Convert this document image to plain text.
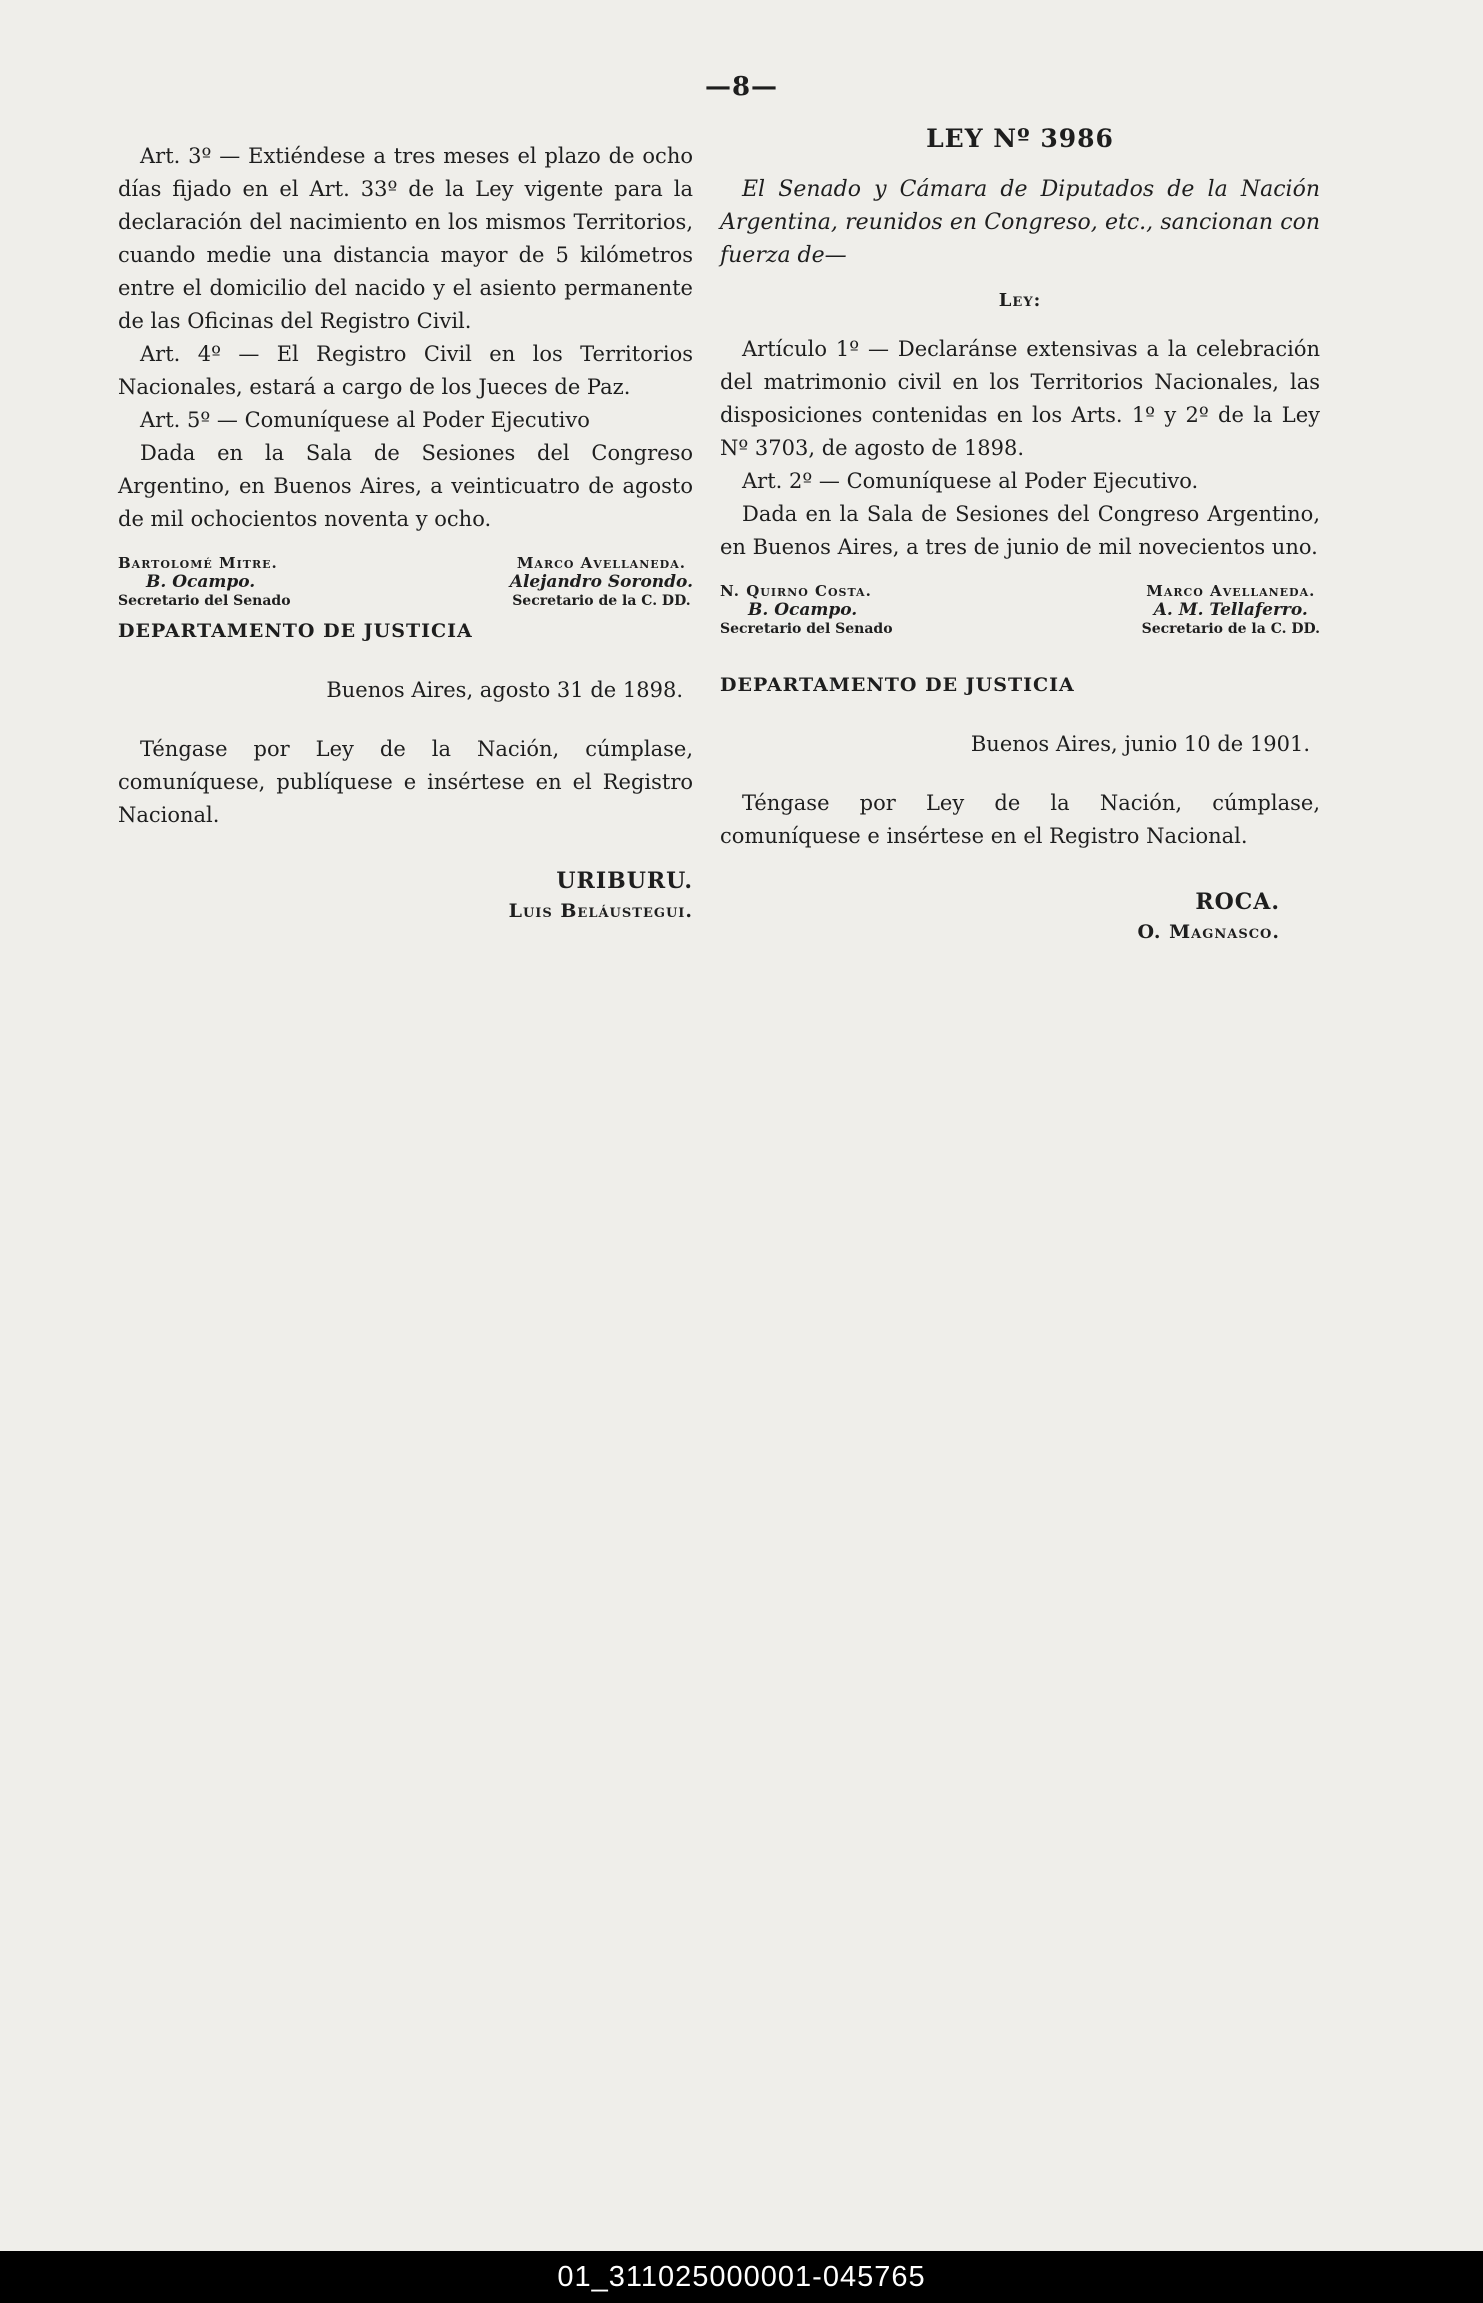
—8—

Art. 3º — Extiéndese a tres meses el plazo de ocho días fijado en el Art. 33º de la Ley vigente para la declaración del nacimiento en los mismos Territorios, cuando medie una distancia mayor de 5 kilómetros entre el domicilio del nacido y el asiento permanente de las Oficinas del Registro Civil.

Art. 4º — El Registro Civil en los Territorios Nacionales, estará a cargo de los Jueces de Paz.

Art. 5º — Comuníquese al Poder Ejecutivo

Dada en la Sala de Sesiones del Congreso Argentino, en Buenos Aires, a veinticuatro de agosto de mil ochocientos noventa y ocho.

Bartolomé Mitre.
B. Ocampo.
Secretario del Senado
Marco Avellaneda.
Alejandro Sorondo.
Secretario de la C. DD.
DEPARTAMENTO DE JUSTICIA

Buenos Aires, agosto 31 de 1898.

Téngase por Ley de la Nación, cúmplase, comuníquese, publíquese e insértese en el Registro Nacional.

URIBURU.
Luis Beláustegui.
LEY Nº 3986

El Senado y Cámara de Diputados de la Nación Argentina, reunidos en Congreso, etc., sancionan con fuerza de—

Ley:

Artículo 1º — Declaránse extensivas a la celebración del matrimonio civil en los Territorios Nacionales, las disposiciones contenidas en los Arts. 1º y 2º de la Ley Nº 3703, de agosto de 1898.

Art. 2º — Comuníquese al Poder Ejecutivo.

Dada en la Sala de Sesiones del Congreso Argentino, en Buenos Aires, a tres de junio de mil novecientos uno.

N. Quirno Costa.
B. Ocampo.
Secretario del Senado
Marco Avellaneda.
A. M. Tellaferro.
Secretario de la C. DD.
DEPARTAMENTO DE JUSTICIA

Buenos Aires, junio 10 de 1901.

Téngase por Ley de la Nación, cúmplase, comuníquese e insértese en el Registro Nacional.

ROCA.
O. Magnasco.
01_311025000001-045765
